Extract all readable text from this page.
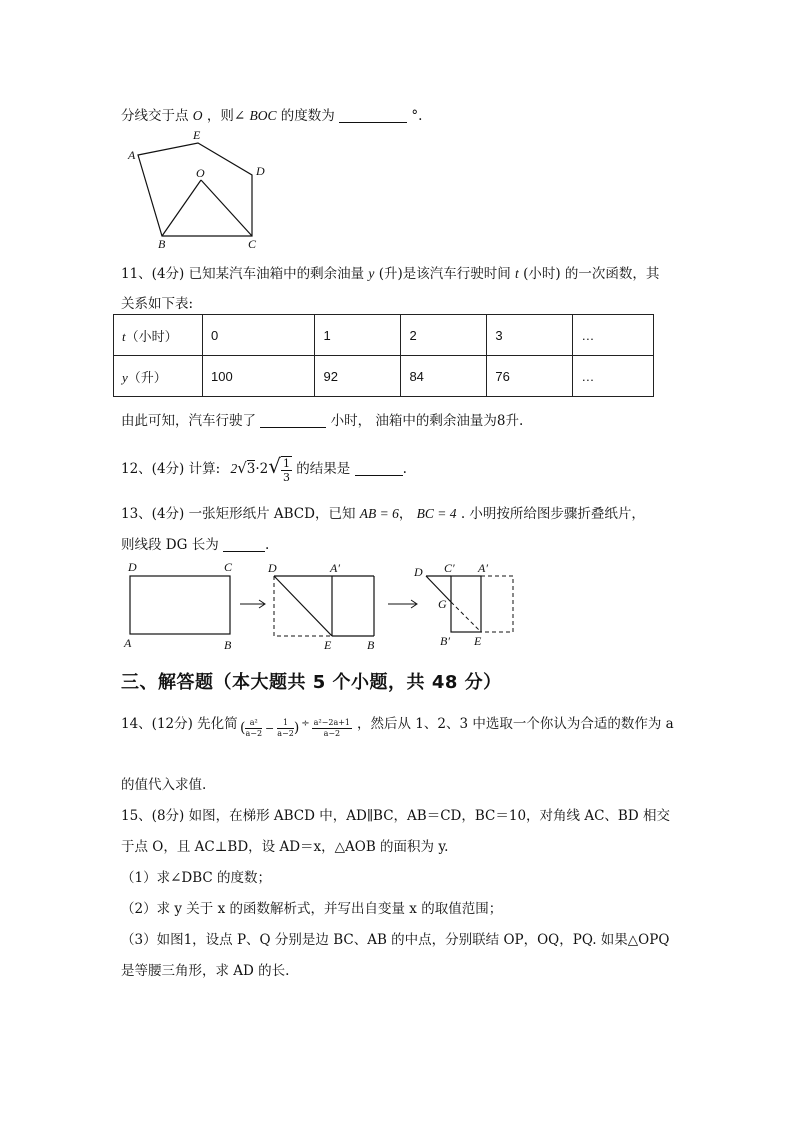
分线交于点 O ，则∠ BOC 的度数为	°.
A
E
D
O
B	C
11、(4分) 已知某汽车油箱中的剩余油量 y (升)是该汽车行驶时间 t (小时) 的一次函数，其
关系如下表:
t（小时）	0	1	2	3	…
y（升）	100	92	84	76	…
由此可知，汽车行驶了	小时， 油箱中的剩余油量为8升.
12、(4分) 计算: $2√3\cdot 2√ \frac{1}{3}$ 的结果是	.
13、(4分) 一张矩形纸片 ABCD，已知 AB = 6， BC = 4 . 小明按所给图步骤折叠纸片，
则线段 DG 长为	.
D	C
A	B
D	A′
E	B
D C′ A′
G
B′ E
三、解答题（本大题共 5 个小题，共 48 分）
14、(12分) 先化简 ( $\frac{\text{a²}}{a-2} - \frac{1}{a-2}$ ) $^\div \frac{\text{a²−2a+1}}{a-2}$ ，然后从 1、2、3 中选取一个你认为合适的数作为 a
的值代入求值.
15、(8分) 如图，在梯形 ABCD 中，AD∥BC，AB＝CD，BC＝10，对角线 AC、BD 相交
于点 O，且 AC⊥BD，设 AD＝x，△AOB 的面积为 y.
（1）求∠DBC 的度数；
（2）求 y 关于 x 的函数解析式，并写出自变量 x 的取值范围；
（3）如图1，设点 P、Q 分别是边 BC、AB 的中点，分别联结 OP，OQ，PQ. 如果△OPQ
是等腰三角形，求 AD 的长.
